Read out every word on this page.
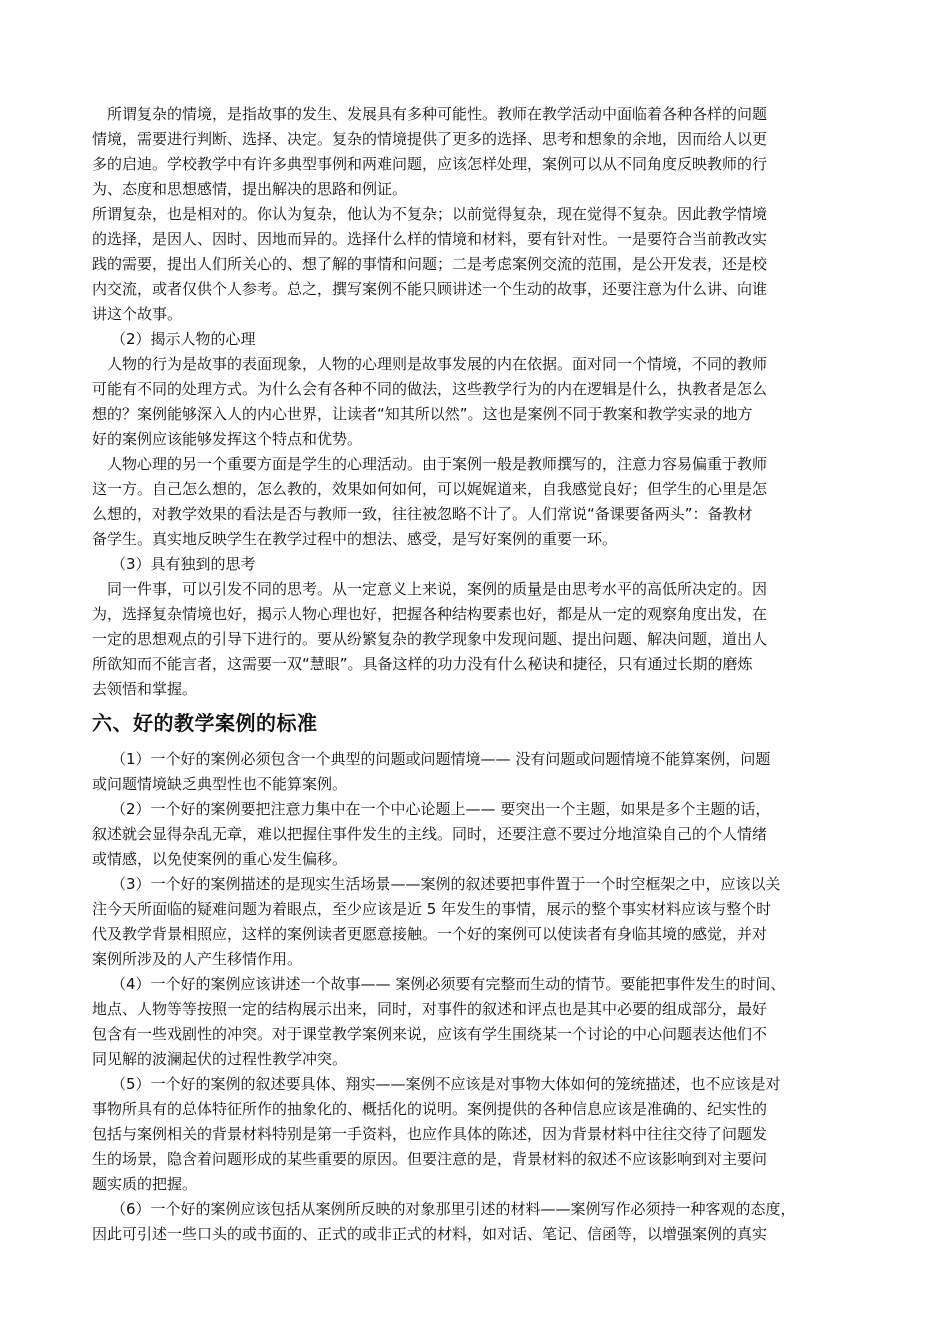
所谓复杂的情境，是指故事的发生、发展具有多种可能性。教师在教学活动中面临着各种各样的问题
情境，需要进行判断、选择、决定。复杂的情境提供了更多的选择、思考和想象的余地，因而给人以更
多的启迪。学校教学中有许多典型事例和两难问题，应该怎样处理，案例可以从不同角度反映教师的行
为、态度和思想感情，提出解决的思路和例证。
所谓复杂，也是相对的。你认为复杂，他认为不复杂；以前觉得复杂，现在觉得不复杂。因此教学情境
的选择，是因人、因时、因地而异的。选择什么样的情境和材料，要有针对性。一是要符合当前教改实
践的需要，提出人们所关心的、想了解的事情和问题；二是考虑案例交流的范围，是公开发表，还是校
内交流，或者仅供个人参考。总之，撰写案例不能只顾讲述一个生动的故事，还要注意为什么讲、向谁
讲这个故事。
（2）揭示人物的心理
人物的行为是故事的表面现象，人物的心理则是故事发展的内在依据。面对同一个情境，不同的教师
可能有不同的处理方式。为什么会有各种不同的做法，这些教学行为的内在逻辑是什么，执教者是怎么
想的？案例能够深入人的内心世界，让读者“知其所以然”。这也是案例不同于教案和教学实录的地方
好的案例应该能够发挥这个特点和优势。
人物心理的另一个重要方面是学生的心理活动。由于案例一般是教师撰写的，注意力容易偏重于教师
这一方。自己怎么想的，怎么教的，效果如何如何，可以娓娓道来，自我感觉良好；但学生的心里是怎
么想的，对教学效果的看法是否与教师一致，往往被忽略不计了。人们常说“备课要备两头”：备教材
备学生。真实地反映学生在教学过程中的想法、感受，是写好案例的重要一环。
（3）具有独到的思考
同一件事，可以引发不同的思考。从一定意义上来说，案例的质量是由思考水平的高低所决定的。因
为，选择复杂情境也好，揭示人物心理也好，把握各种结构要素也好，都是从一定的观察角度出发，在
一定的思想观点的引导下进行的。要从纷繁复杂的教学现象中发现问题、提出问题、解决问题，道出人
所欲知而不能言者，这需要一双“慧眼”。具备这样的功力没有什么秘诀和捷径，只有通过长期的磨炼
去领悟和掌握。
六、好的教学案例的标准
（1）一个好的案例必须包含一个典型的问题或问题情境—— 没有问题或问题情境不能算案例，问题
或问题情境缺乏典型性也不能算案例。
（2）一个好的案例要把注意力集中在一个中心论题上—— 要突出一个主题，如果是多个主题的话，
叙述就会显得杂乱无章，难以把握住事件发生的主线。同时，还要注意不要过分地渲染自己的个人情绪
或情感，以免使案例的重心发生偏移。
（3）一个好的案例描述的是现实生活场景——案例的叙述要把事件置于一个时空框架之中，应该以关
注今天所面临的疑难问题为着眼点，至少应该是近 5 年发生的事情，展示的整个事实材料应该与整个时
代及教学背景相照应，这样的案例读者更愿意接触。一个好的案例可以使读者有身临其境的感觉，并对
案例所涉及的人产生移情作用。
（4）一个好的案例应该讲述一个故事—— 案例必须要有完整而生动的情节。要能把事件发生的时间、
地点、人物等等按照一定的结构展示出来，同时，对事件的叙述和评点也是其中必要的组成部分，最好
包含有一些戏剧性的冲突。对于课堂教学案例来说，应该有学生围绕某一个讨论的中心问题表达他们不
同见解的波澜起伏的过程性教学冲突。
（5）一个好的案例的叙述要具体、翔实——案例不应该是对事物大体如何的笼统描述，也不应该是对
事物所具有的总体特征所作的抽象化的、概括化的说明。案例提供的各种信息应该是准确的、纪实性的
包括与案例相关的背景材料特别是第一手资料，也应作具体的陈述，因为背景材料中往往交待了问题发
生的场景，隐含着问题形成的某些重要的原因。但要注意的是，背景材料的叙述不应该影响到对主要问
题实质的把握。
（6）一个好的案例应该包括从案例所反映的对象那里引述的材料——案例写作必须持一种客观的态度，
因此可引述一些口头的或书面的、正式的或非正式的材料，如对话、笔记、信函等，以增强案例的真实
